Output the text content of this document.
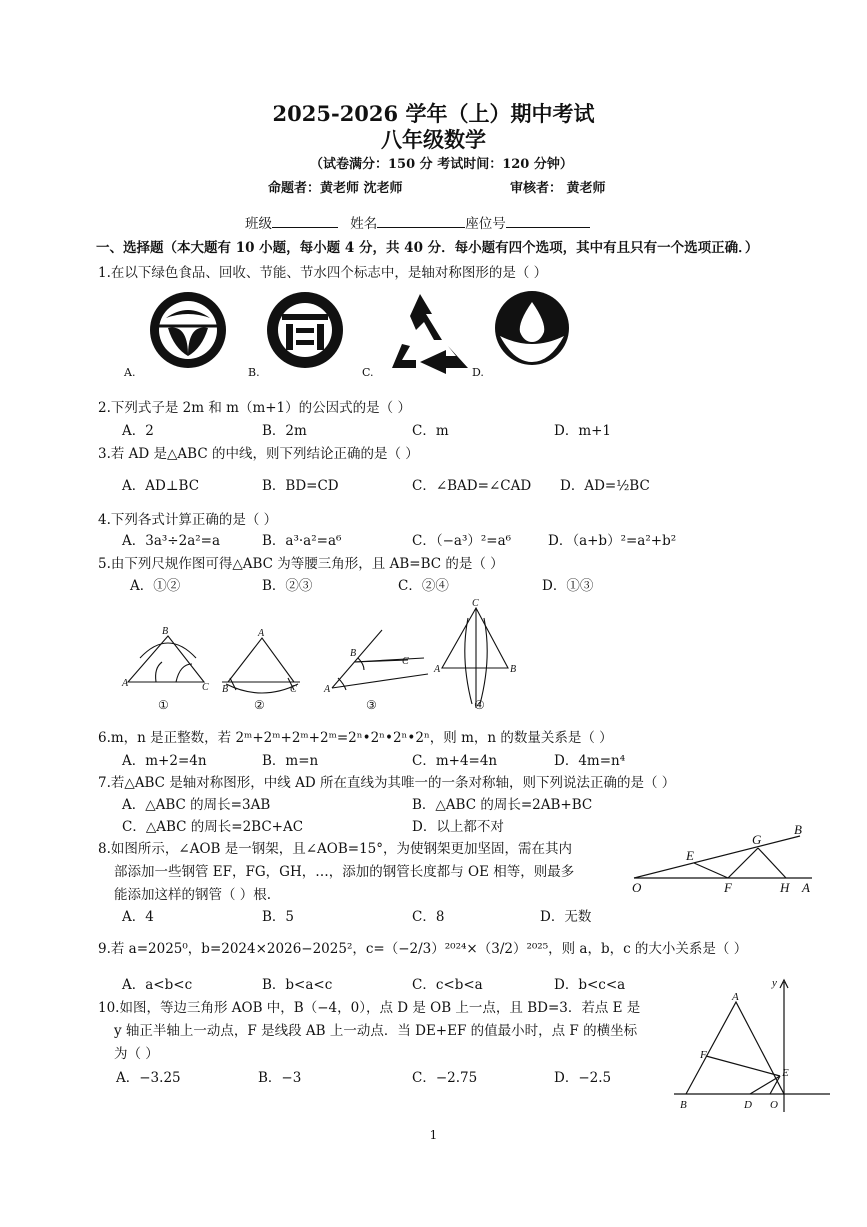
2025-2026 学年（上）期中考试
八年级数学
（试卷满分：150 分 考试时间：120 分钟）
命题者：黄老师 沈老师	审核者： 黄老师
班级	姓名	座位号
一、选择题（本大题有 10 小题，每小题 4 分，共 40 分．每小题有四个选项，其中有且只有一个选项正确．）
1.在以下绿色食品、回收、节能、节水四个标志中，是轴对称图形的是（ ）
A.	B.	C.	D.
2.下列式子是 2m 和 m（m+1）的公因式的是（ ）
A．2	B．2m	C．m	D．m+1
3.若 AD 是△ABC 的中线，则下列结论正确的是（ ）
A．AD⊥BC	B．BD=CD	C．∠BAD=∠CAD D．AD=½BC
4.下列各式计算正确的是（ ）
A．3a³÷2a²=a	B．a³·a²=a⁶	C．（−a³）²=a⁶	D．（a+b）²=a²+b²
5.由下列尺规作图可得△ABC 为等腰三角形，且 AB=BC 的是（ ）
A．①②	B．②③	C．②④	D．①③
A
B
C B
A
C	A
B
C
C
A	B
①	②	③	④
6.m，n 是正整数，若 2ᵐ+2ᵐ+2ᵐ+2ᵐ=2ⁿ•2ⁿ•2ⁿ•2ⁿ，则 m，n 的数量关系是（ ）
A．m+2=4n	B．m=n	C．m+4=4n	D．4m=n⁴
7.若△ABC 是轴对称图形，中线 AD 所在直线为其唯一的一条对称轴，则下列说法正确的是（ ）
A．△ABC 的周长=3AB	B．△ABC 的周长=2AB+BC
C．△ABC 的周长=2BC+AC	D．以上都不对
8.如图所示，∠AOB 是一钢架，且∠AOB=15°，为使钢架更加坚固，需在其内
部添加一些钢管 EF，FG，GH，…，添加的钢管长度都与 OE 相等，则最多
能添加这样的钢管（ ）根.
A．4	B．5	C．8	D．无数
O
E
F
G
H A
B
9.若 a=2025⁰，b=2024×2026−2025²，c=（−2/3）²⁰²⁴×（3/2）²⁰²⁵，则 a，b，c 的大小关系是（ ）
A．a<b<c	B．b<a<c	C．c<b<a	D．b<c<a
10.如图，等边三角形 AOB 中，B（−4，0），点 D 是 OB 上一点，且 BD=3．若点 E 是
y 轴正半轴上一动点，F 是线段 AB 上一动点．当 DE+EF 的值最小时，点 F 的横坐标
为（ ）
A．−3.25	B．−3	C．−2.75	D．−2.5
A
F
E
B	D O
y
1
